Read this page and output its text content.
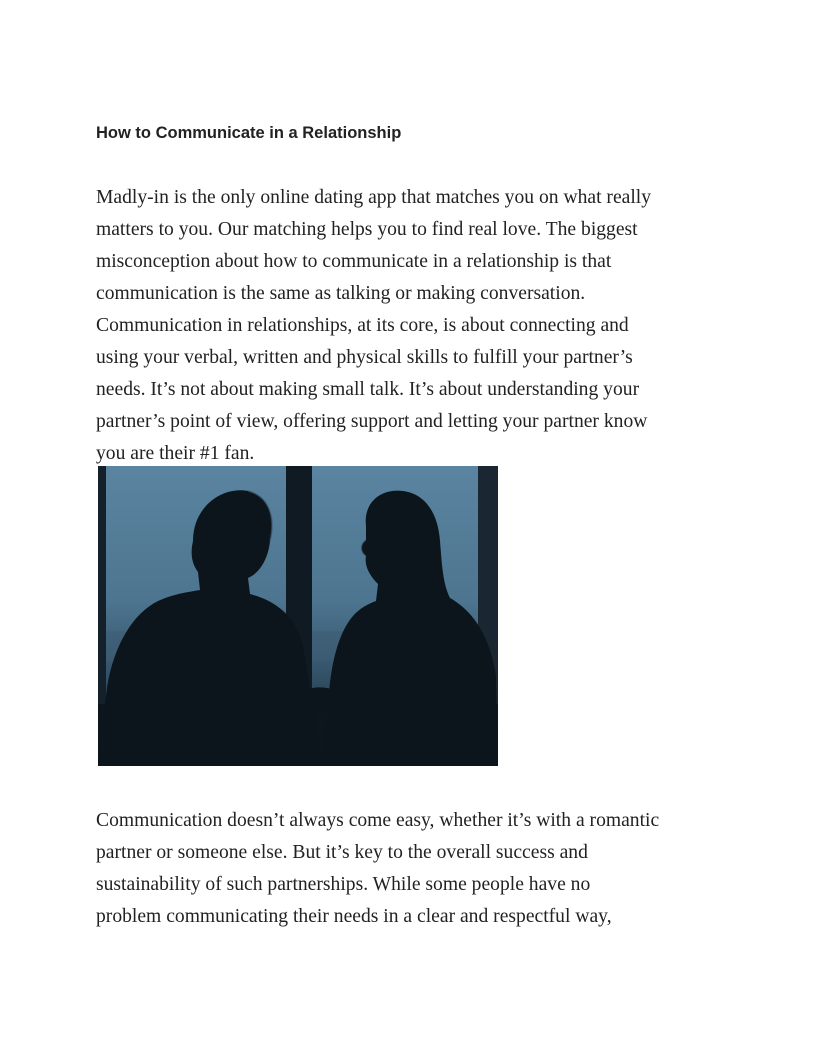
How to Communicate in a Relationship

Madly-in is the only online dating app that matches you on what really
matters to you. Our matching helps you to find real love. The biggest
misconception about how to communicate in a relationship is that
communication is the same as talking or making conversation.
Communication in relationships, at its core, is about connecting and
using your verbal, written and physical skills to fulfill your partner’s
needs. It’s not about making small talk. It’s about understanding your
partner’s point of view, offering support and letting your partner know
you are their #1 fan.

Communication doesn’t always come easy, whether it’s with a romantic
partner or someone else. But it’s key to the overall success and
sustainability of such partnerships. While some people have no
problem communicating their needs in a clear and respectful way,
